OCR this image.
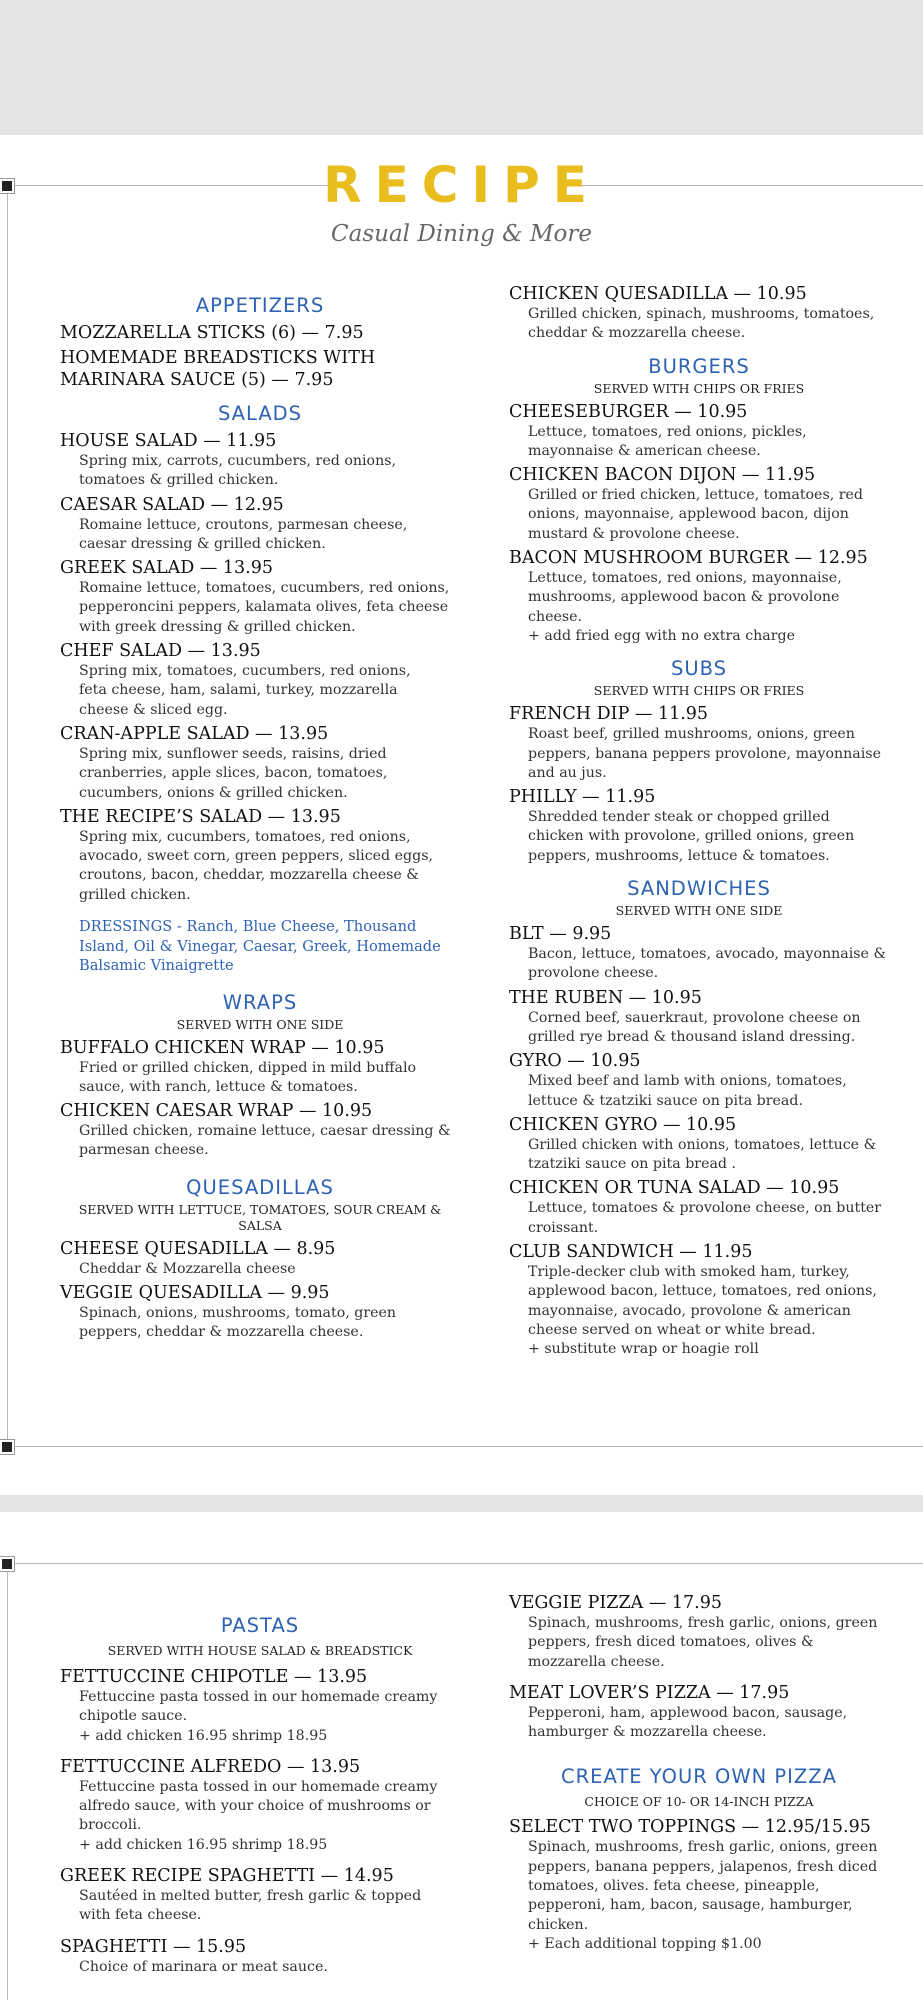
RECIPE
Casual Dining & More
APPETIZERS
MOZZARELLA STICKS (6) — 7.95
HOMEMADE BREADSTICKS WITH MARINARA SAUCE (5) — 7.95
SALADS
HOUSE SALAD — 11.95
Spring mix, carrots, cucumbers, red onions, tomatoes & grilled chicken.
CAESAR SALAD — 12.95
Romaine lettuce, croutons, parmesan cheese, caesar dressing & grilled chicken.
GREEK SALAD — 13.95
Romaine lettuce, tomatoes, cucumbers, red onions, pepperoncini peppers, kalamata olives, feta cheese with greek dressing & grilled chicken.
CHEF SALAD — 13.95
Spring mix, tomatoes, cucumbers, red onions, feta cheese, ham, salami, turkey, mozzarella cheese & sliced egg.
CRAN-APPLE SALAD — 13.95
Spring mix, sunflower seeds, raisins, dried cranberries, apple slices, bacon, tomatoes, cucumbers, onions & grilled chicken.
THE RECIPE’S SALAD — 13.95
Spring mix, cucumbers, tomatoes, red onions, avocado, sweet corn, green peppers, sliced eggs, croutons, bacon, cheddar, mozzarella cheese & grilled chicken.
DRESSINGS - Ranch, Blue Cheese, Thousand Island, Oil & Vinegar, Caesar, Greek, Homemade Balsamic Vinaigrette
WRAPS
SERVED WITH ONE SIDE
BUFFALO CHICKEN WRAP — 10.95
Fried or grilled chicken, dipped in mild buffalo sauce, with ranch, lettuce & tomatoes.
CHICKEN CAESAR WRAP — 10.95
Grilled chicken, romaine lettuce, caesar dressing & parmesan cheese.
QUESADILLAS
SERVED WITH LETTUCE, TOMATOES, SOUR CREAM & SALSA
CHEESE QUESADILLA — 8.95
Cheddar & Mozzarella cheese
VEGGIE QUESADILLA — 9.95
Spinach, onions, mushrooms, tomato, green peppers, cheddar & mozzarella cheese.
CHICKEN QUESADILLA — 10.95
Grilled chicken, spinach, mushrooms, tomatoes, cheddar & mozzarella cheese.
BURGERS
SERVED WITH CHIPS OR FRIES
CHEESEBURGER — 10.95
Lettuce, tomatoes, red onions, pickles, mayonnaise & american cheese.
CHICKEN BACON DIJON — 11.95
Grilled or fried chicken, lettuce, tomatoes, red onions, mayonnaise, applewood bacon, dijon mustard & provolone cheese.
BACON MUSHROOM BURGER — 12.95
Lettuce, tomatoes, red onions, mayonnaise, mushrooms, applewood bacon & provolone cheese.
+ add fried egg with no extra charge
SUBS
SERVED WITH CHIPS OR FRIES
FRENCH DIP — 11.95
Roast beef, grilled mushrooms, onions, green peppers, banana peppers provolone, mayonnaise and au jus.
PHILLY — 11.95
Shredded tender steak or chopped grilled chicken with provolone, grilled onions, green peppers, mushrooms, lettuce & tomatoes.
SANDWICHES
SERVED WITH ONE SIDE
BLT — 9.95
Bacon, lettuce, tomatoes, avocado, mayonnaise & provolone cheese.
THE RUBEN — 10.95
Corned beef, sauerkraut, provolone cheese on grilled rye bread & thousand island dressing.
GYRO — 10.95
Mixed beef and lamb with onions, tomatoes, lettuce & tzatziki sauce on pita bread.
CHICKEN GYRO — 10.95
Grilled chicken with onions, tomatoes, lettuce & tzatziki sauce on pita bread .
CHICKEN OR TUNA SALAD — 10.95
Lettuce, tomatoes & provolone cheese, on butter croissant.
CLUB SANDWICH — 11.95
Triple-decker club with smoked ham, turkey, applewood bacon, lettuce, tomatoes, red onions, mayonnaise, avocado, provolone & american cheese served on wheat or white bread.
+ substitute wrap or hoagie roll
PASTAS
SERVED WITH HOUSE SALAD & BREADSTICK
FETTUCCINE CHIPOTLE — 13.95
Fettuccine pasta tossed in our homemade creamy chipotle sauce.
+ add chicken 16.95 shrimp 18.95
FETTUCCINE ALFREDO — 13.95
Fettuccine pasta tossed in our homemade creamy alfredo sauce, with your choice of mushrooms or broccoli.
+ add chicken 16.95 shrimp 18.95
GREEK RECIPE SPAGHETTI — 14.95
Sautéed in melted butter, fresh garlic & topped with feta cheese.
SPAGHETTI — 15.95
Choice of marinara or meat sauce.
VEGGIE PIZZA — 17.95
Spinach, mushrooms, fresh garlic, onions, green peppers, fresh diced tomatoes, olives & mozzarella cheese.
MEAT LOVER’S PIZZA — 17.95
Pepperoni, ham, applewood bacon, sausage, hamburger & mozzarella cheese.
CREATE YOUR OWN PIZZA
CHOICE OF 10- OR 14-INCH PIZZA
SELECT TWO TOPPINGS — 12.95/15.95
Spinach, mushrooms, fresh garlic, onions, green peppers, banana peppers, jalapenos, fresh diced tomatoes, olives. feta cheese, pineapple, pepperoni, ham, bacon, sausage, hamburger, chicken.
+ Each additional topping $1.00
